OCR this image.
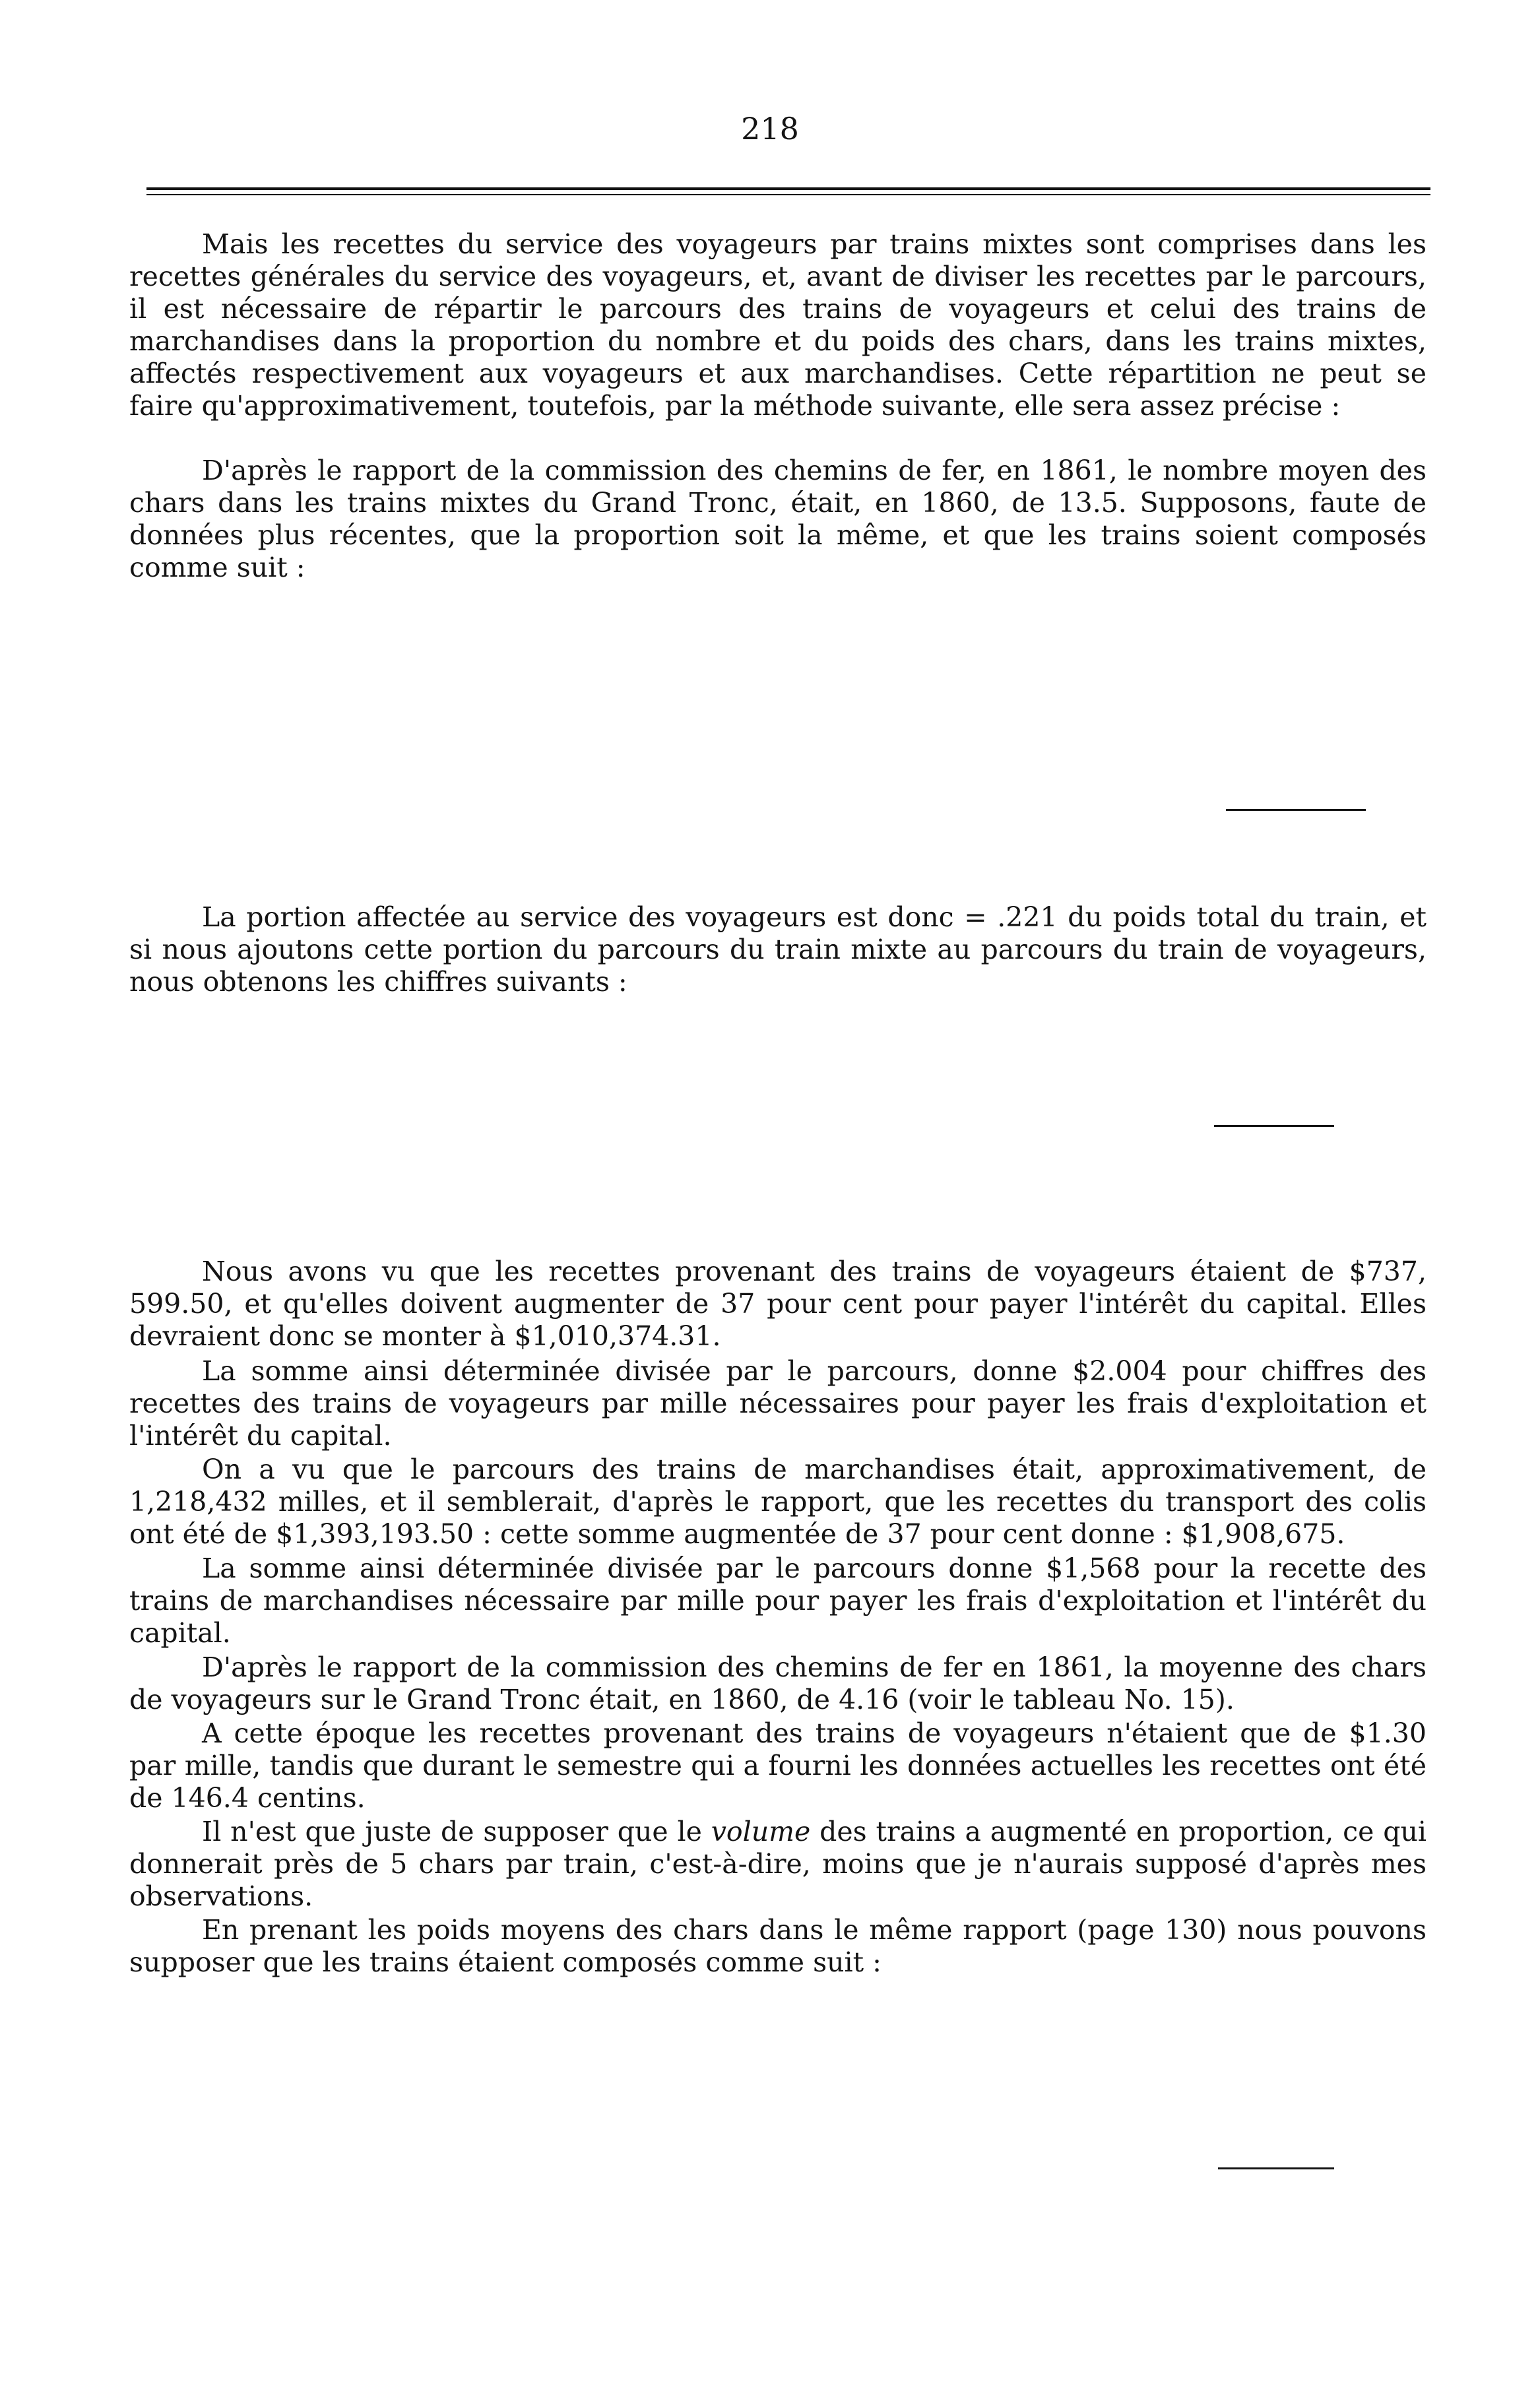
218

Mais les recettes du service des voyageurs par trains mixtes sont comprises dans les recettes générales du service des voyageurs, et, avant de diviser les recettes par le parcours, il est nécessaire de répartir le parcours des trains de voyageurs et celui des trains de marchandises dans la proportion du nombre et du poids des chars, dans les trains mixtes, affectés respectivement aux voyageurs et aux marchandises. Cette répartition ne peut se faire qu'approximativement, toutefois, par la méthode suivante, elle sera assez précise :

D'après le rapport de la commission des chemins de fer, en 1861, le nombre moyen des chars dans les trains mixtes du Grand Tronc, était, en 1860, de 13.5. Supposons, faute de données plus récentes, que la proportion soit la même, et que les trains soient composés comme suit :

La portion affectée au service des voyageurs est donc = .221 du poids total du train, et si nous ajoutons cette portion du parcours du train mixte au parcours du train de voyageurs, nous obtenons les chiffres suivants :

Nous avons vu que les recettes provenant des trains de voyageurs étaient de $737, 599.50, et qu'elles doivent augmenter de 37 pour cent pour payer l'intérêt du capital. Elles devraient donc se monter à $1,010,374.31.

La somme ainsi déterminée divisée par le parcours, donne $2.004 pour chiffres des recettes des trains de voyageurs par mille nécessaires pour payer les frais d'exploitation et l'intérêt du capital.

On a vu que le parcours des trains de marchandises était, approximativement, de 1,218,432 milles, et il semblerait, d'après le rapport, que les recettes du transport des colis ont été de $1,393,193.50 : cette somme augmentée de 37 pour cent donne : $1,908,675.

La somme ainsi déterminée divisée par le parcours donne $1,568 pour la recette des trains de marchandises nécessaire par mille pour payer les frais d'exploitation et l'intérêt du capital.

D'après le rapport de la commission des chemins de fer en 1861, la moyenne des chars de voyageurs sur le Grand Tronc était, en 1860, de 4.16 (voir le tableau No. 15).

A cette époque les recettes provenant des trains de voyageurs n'étaient que de $1.30 par mille, tandis que durant le semestre qui a fourni les données actuelles les recettes ont été de 146.4 centins.

Il n'est que juste de supposer que le volume des trains a augmenté en proportion, ce qui donnerait près de 5 chars par train, c'est-à-dire, moins que je n'aurais supposé d'après mes observations.

En prenant les poids moyens des chars dans le même rapport (page 130) nous pouvons supposer que les trains étaient composés comme suit :
